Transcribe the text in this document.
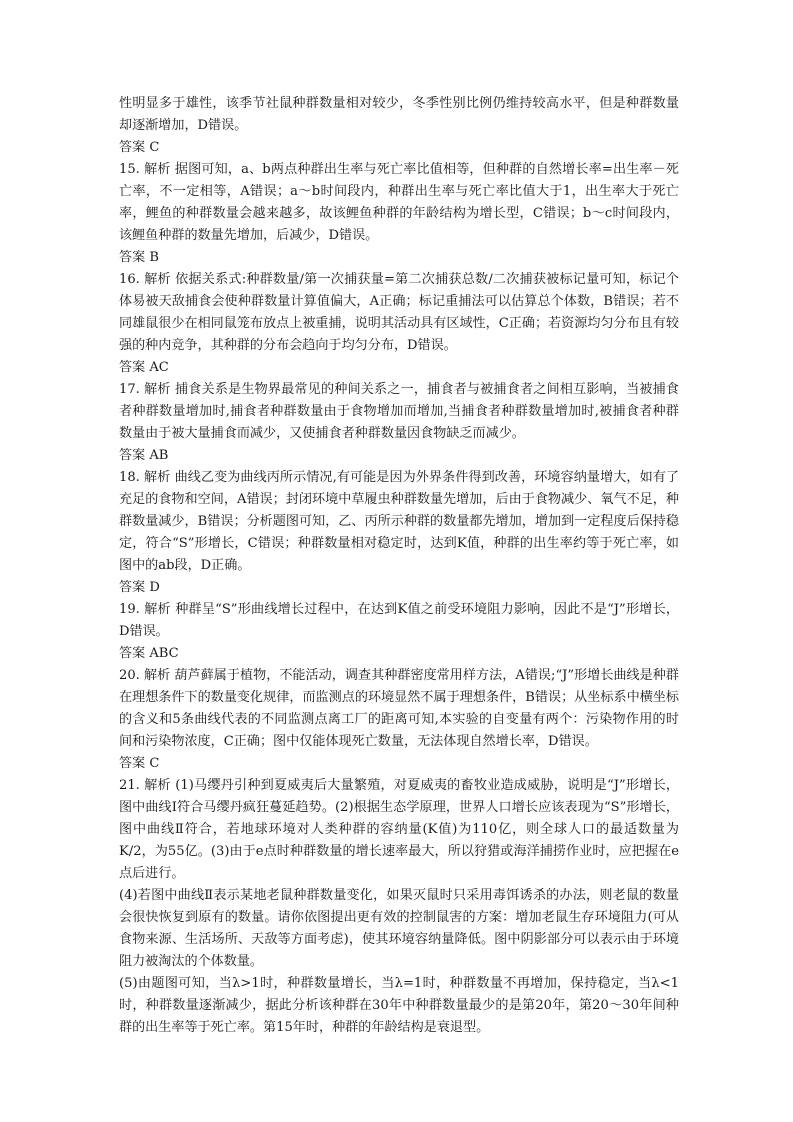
性明显多于雄性，该季节社鼠种群数量相对较少，冬季性别比例仍维持较高水平，但是种群数量却逐渐增加，D错误。

答案 C

15. 解析 据图可知，a、b两点种群出生率与死亡率比值相等，但种群的自然增长率=出生率－死亡率，不一定相等，A错误；a～b时间段内，种群出生率与死亡率比值大于1，出生率大于死亡率，鲤鱼的种群数量会越来越多，故该鲤鱼种群的年龄结构为增长型，C错误；b～c时间段内，该鲤鱼种群的数量先增加，后减少，D错误。

答案 B

16. 解析 依据关系式:种群数量/第一次捕获量=第二次捕获总数/二次捕获被标记量可知，标记个体易被天敌捕食会使种群数量计算值偏大，A正确；标记重捕法可以估算总个体数，B错误；若不同雄鼠很少在相同鼠笼布放点上被重捕，说明其活动具有区域性，C正确；若资源均匀分布且有较强的种内竞争，其种群的分布会趋向于均匀分布，D错误。

答案 AC

17. 解析 捕食关系是生物界最常见的种间关系之一，捕食者与被捕食者之间相互影响，当被捕食者种群数量增加时,捕食者种群数量由于食物增加而增加,当捕食者种群数量增加时,被捕食者种群数量由于被大量捕食而减少，又使捕食者种群数量因食物缺乏而减少。

答案 AB

18. 解析 曲线乙变为曲线丙所示情况,有可能是因为外界条件得到改善，环境容纳量增大，如有了充足的食物和空间，A错误；封闭环境中草履虫种群数量先增加，后由于食物减少、氧气不足，种群数量减少，B错误；分析题图可知，乙、丙所示种群的数量都先增加，增加到一定程度后保持稳定，符合“S”形增长，C错误；种群数量相对稳定时，达到K值，种群的出生率约等于死亡率，如图中的ab段，D正确。

答案 D

19. 解析 种群呈“S”形曲线增长过程中，在达到K值之前受环境阻力影响，因此不是“J”形增长，D错误。

答案 ABC

20. 解析 葫芦藓属于植物，不能活动，调查其种群密度常用样方法，A错误;“J”形增长曲线是种群在理想条件下的数量变化规律，而监测点的环境显然不属于理想条件，B错误；从坐标系中横坐标的含义和5条曲线代表的不同监测点离工厂的距离可知,本实验的自变量有两个：污染物作用的时间和污染物浓度，C正确；图中仅能体现死亡数量，无法体现自然增长率，D错误。

答案 C

21. 解析 (1)马缨丹引种到夏威夷后大量繁殖，对夏威夷的畜牧业造成威胁，说明是“J”形增长，图中曲线Ⅰ符合马缨丹疯狂蔓延趋势。(2)根据生态学原理，世界人口增长应该表现为“S”形增长，图中曲线Ⅱ符合，若地球环境对人类种群的容纳量(K值)为110亿，则全球人口的最适数量为K/2，为55亿。(3)由于e点时种群数量的增长速率最大，所以狩猎或海洋捕捞作业时，应把握在e点后进行。

(4)若图中曲线Ⅱ表示某地老鼠种群数量变化，如果灭鼠时只采用毒饵诱杀的办法，则老鼠的数量会很快恢复到原有的数量。请你依图提出更有效的控制鼠害的方案：增加老鼠生存环境阻力(可从食物来源、生活场所、天敌等方面考虑)，使其环境容纳量降低。图中阴影部分可以表示由于环境阻力被淘汰的个体数量。

(5)由题图可知，当λ>1时，种群数量增长，当λ=1时，种群数量不再增加，保持稳定，当λ<1时，种群数量逐渐减少，据此分析该种群在30年中种群数量最少的是第20年，第20～30年间种群的出生率等于死亡率。第15年时，种群的年龄结构是衰退型。
